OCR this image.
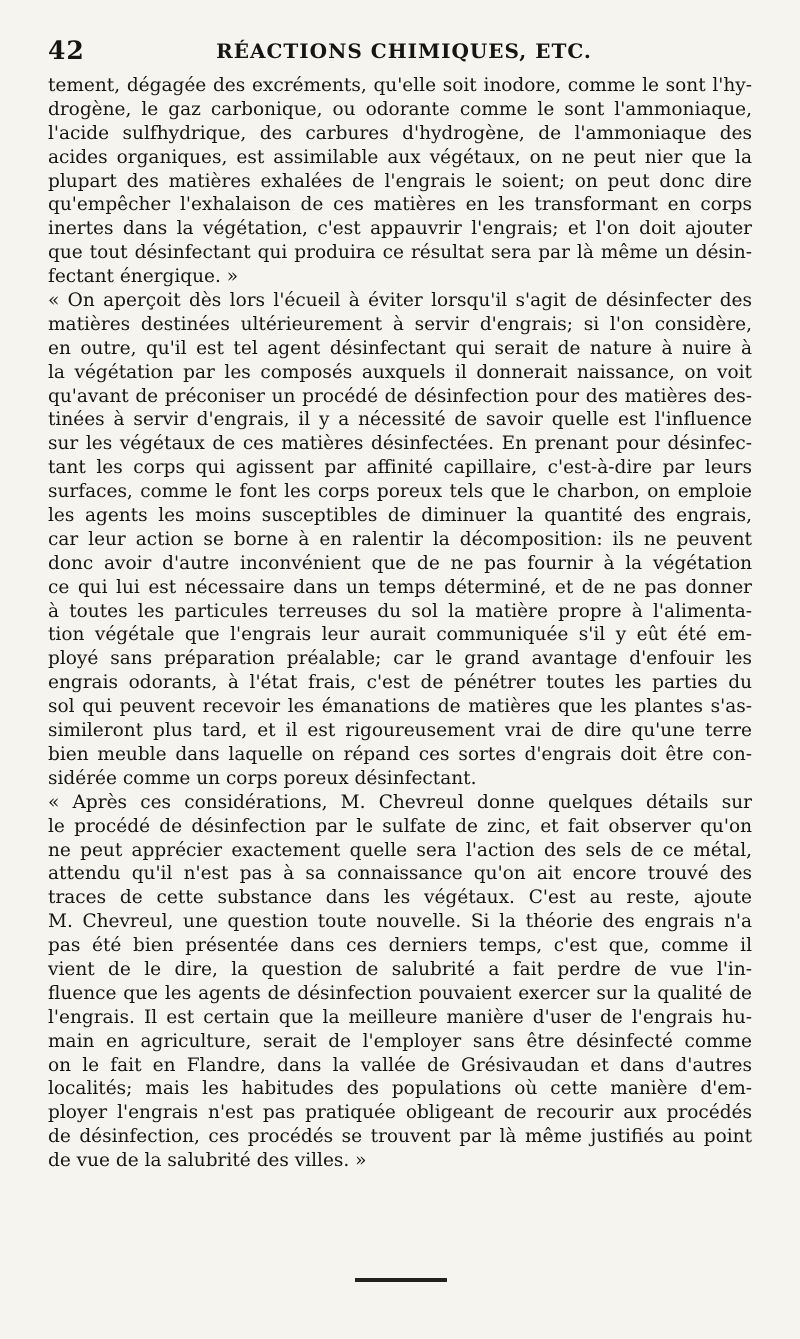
42	RÉACTIONS CHIMIQUES, ETC.
tement, dégagée des excréments, qu'elle soit inodore, comme le sont l'hy-
drogène, le gaz carbonique, ou odorante comme le sont l'ammoniaque,
l'acide sulfhydrique, des carbures d'hydrogène, de l'ammoniaque des
acides organiques, est assimilable aux végétaux, on ne peut nier que la
plupart des matières exhalées de l'engrais le soient; on peut donc dire
qu'empêcher l'exhalaison de ces matières en les transformant en corps
inertes dans la végétation, c'est appauvrir l'engrais; et l'on doit ajouter
que tout désinfectant qui produira ce résultat sera par là même un désin-
fectant énergique. »
« On aperçoit dès lors l'écueil à éviter lorsqu'il s'agit de désinfecter des
matières destinées ultérieurement à servir d'engrais; si l'on considère,
en outre, qu'il est tel agent désinfectant qui serait de nature à nuire à
la végétation par les composés auxquels il donnerait naissance, on voit
qu'avant de préconiser un procédé de désinfection pour des matières des-
tinées à servir d'engrais, il y a nécessité de savoir quelle est l'influence
sur les végétaux de ces matières désinfectées. En prenant pour désinfec-
tant les corps qui agissent par affinité capillaire, c'est-à-dire par leurs
surfaces, comme le font les corps poreux tels que le charbon, on emploie
les agents les moins susceptibles de diminuer la quantité des engrais,
car leur action se borne à en ralentir la décomposition: ils ne peuvent
donc avoir d'autre inconvénient que de ne pas fournir à la végétation
ce qui lui est nécessaire dans un temps déterminé, et de ne pas donner
à toutes les particules terreuses du sol la matière propre à l'alimenta-
tion végétale que l'engrais leur aurait communiquée s'il y eût été em-
ployé sans préparation préalable; car le grand avantage d'enfouir les
engrais odorants, à l'état frais, c'est de pénétrer toutes les parties du
sol qui peuvent recevoir les émanations de matières que les plantes s'as-
simileront plus tard, et il est rigoureusement vrai de dire qu'une terre
bien meuble dans laquelle on répand ces sortes d'engrais doit être con-
sidérée comme un corps poreux désinfectant.
« Après ces considérations, M. Chevreul donne quelques détails sur
le procédé de désinfection par le sulfate de zinc, et fait observer qu'on
ne peut apprécier exactement quelle sera l'action des sels de ce métal,
attendu qu'il n'est pas à sa connaissance qu'on ait encore trouvé des
traces de cette substance dans les végétaux. C'est au reste, ajoute
M. Chevreul, une question toute nouvelle. Si la théorie des engrais n'a
pas été bien présentée dans ces derniers temps, c'est que, comme il
vient de le dire, la question de salubrité a fait perdre de vue l'in-
fluence que les agents de désinfection pouvaient exercer sur la qualité de
l'engrais. Il est certain que la meilleure manière d'user de l'engrais hu-
main en agriculture, serait de l'employer sans être désinfecté comme
on le fait en Flandre, dans la vallée de Grésivaudan et dans d'autres
localités; mais les habitudes des populations où cette manière d'em-
ployer l'engrais n'est pas pratiquée obligeant de recourir aux procédés
de désinfection, ces procédés se trouvent par là même justifiés au point
de vue de la salubrité des villes. »
